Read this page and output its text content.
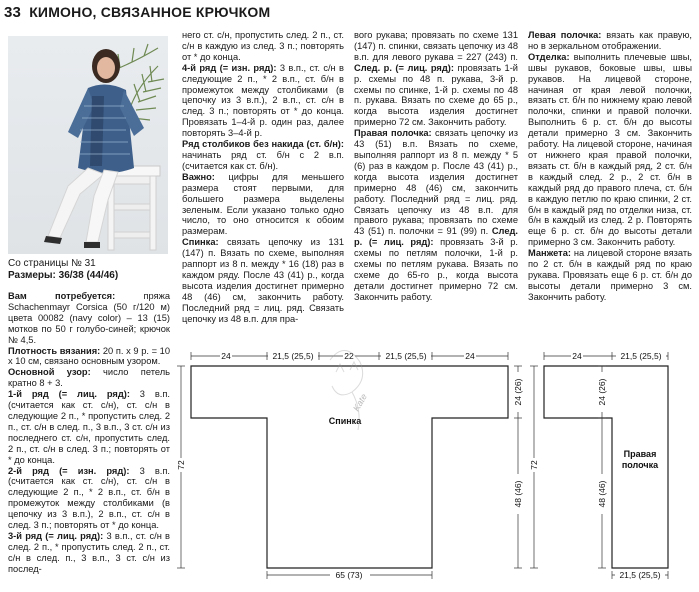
33 КИМОНО, СВЯЗАННОЕ КРЮЧКОМ
Со страницы № 31
Размеры: 36/38 (44/46)

Вам потребуется: пряжа Schachenmayr Corsica (50 г/120 м) цвета 00082 (navy color) – 13 (15) мотков по 50 г голубо-синей; крючок № 4,5.

Плотность вязания: 20 п. x 9 р. = 10 x 10 см, связано основным узором.

Основной узор: число петель кратно 8 + 3.

1-й ряд (= лиц. ряд): 3 в.п. (считается как ст. с/н), ст. с/н в следующие 2 п., * пропустить след. 2 п., ст. с/н в след. п., 3 в.п., 3 ст. с/н из последнего ст. с/н, пропустить след. 2 п., ст. с/н в след. 3 п.; повторять от * до конца.

2-й ряд (= изн. ряд): 3 в.п. (считается как ст. с/н), ст. с/н в следующие 2 п., * 2 в.п., ст. б/н в промежуток между столбиками (в цепочку из 3 в.п.), 2 в.п., ст. с/н в след. 3 п.; повторять от * до конца.

3-й ряд (= лиц. ряд): 3 в.п., ст. с/н в след. 2 п., * пропустить след. 2 п., ст. с/н в след. п., 3 в.п., 3 ст. с/н из послед-

него ст. с/н, пропустить след. 2 п., ст. с/н в каждую из след. 3 п.; повторять от * до конца.

4-й ряд (= изн. ряд): 3 в.п., ст. с/н в следующие 2 п., * 2 в.п., ст. б/н в промежуток между столбиками (в цепочку из 3 в.п.), 2 в.п., ст. с/н в след. 3 п.; повторять от * до конца. Провязать 1–4-й р. один раз, далее повторять 3–4-й р.

Ряд столбиков без накида (ст. б/н): начинать ряд ст. б/н с 2 в.п. (считается как ст. б/н).

Важно: цифры для меньшего размера стоят первыми, для большего размера выделены зеленым. Если указано только одно число, то оно относится к обоим размерам.

Спинка: связать цепочку из 131 (147) п. Вязать по схеме, выполняя раппорт из 8 п. между * 16 (18) раз в каждом ряду. После 43 (41) р., когда высота изделия достигнет примерно 48 (46) см, закончить работу. Последний ряд = лиц. ряд. Связать цепочку из 48 в.п. для пра-

вого рукава; провязать по схеме 131 (147) п. спинки, связать цепочку из 48 в.п. для левого рукава = 227 (243) п. След. р. (= лиц. ряд): провязать 1-й р. схемы по 48 п. рукава, 3-й р. схемы по спинке, 1-й р. схемы по 48 п. рукава. Вязать по схеме до 65 р., когда высота изделия достигнет примерно 72 см. Закончить работу.

Правая полочка: связать цепочку из 43 (51) в.п. Вязать по схеме, выполняя раппорт из 8 п. между * 5 (6) раз в каждом р. После 43 (41) р., когда высота изделия достигнет примерно 48 (46) см, закончить работу. Последний ряд = лиц. ряд. Связать цепочку из 48 в.п. для правого рукава; провязать по схеме 43 (51) п. полочки = 91 (99) п. След. р. (= лиц. ряд): провязать 3-й р. схемы по петлям полочки, 1-й р. схемы по петлям рукава. Вязать по схеме до 65-го р., когда высота детали достигнет примерно 72 см. Закончить работу.

Левая полочка: вязать как правую, но в зеркальном отображении.

Отделка: выполнить плечевые швы, швы рукавов, боковые швы, швы рукавов. На лицевой стороне, начиная от края левой полочки, вязать ст. б/н по нижнему краю левой полочки, спинки и правой полочки. Выполнить 6 р. ст. б/н до высоты детали примерно 3 см. Закончить работу. На лицевой стороне, начиная от нижнего края правой полочки, вязать ст. б/н в каждый ряд, 2 ст. б/н в каждый след. 2 р., 2 ст. б/н в каждый ряд до правого плеча, ст. б/н в каждую петлю по краю спинки, 2 ст. б/н в каждый ряд по отделки низа, ст. б/н в каждый из след. 2 р. Повторять еще 6 р. ст. б/н до высоты детали примерно 3 см. Закончить работу.

Манжета: на лицевой стороне вязать по 2 ст. б/н в каждый ряд по краю рукава. Провязать еще 6 р. ст. б/н до высоты детали примерно 3 см. Закончить работу.

24	21,5 (25,5)	22	21,5 (25,5)	24
72
24 (26)
48 (46)
65 (73)
Спинка
Kate
24	21,5 (25,5)
72
24 (26)
48 (46)
21,5 (25,5)
Правая
полочка
